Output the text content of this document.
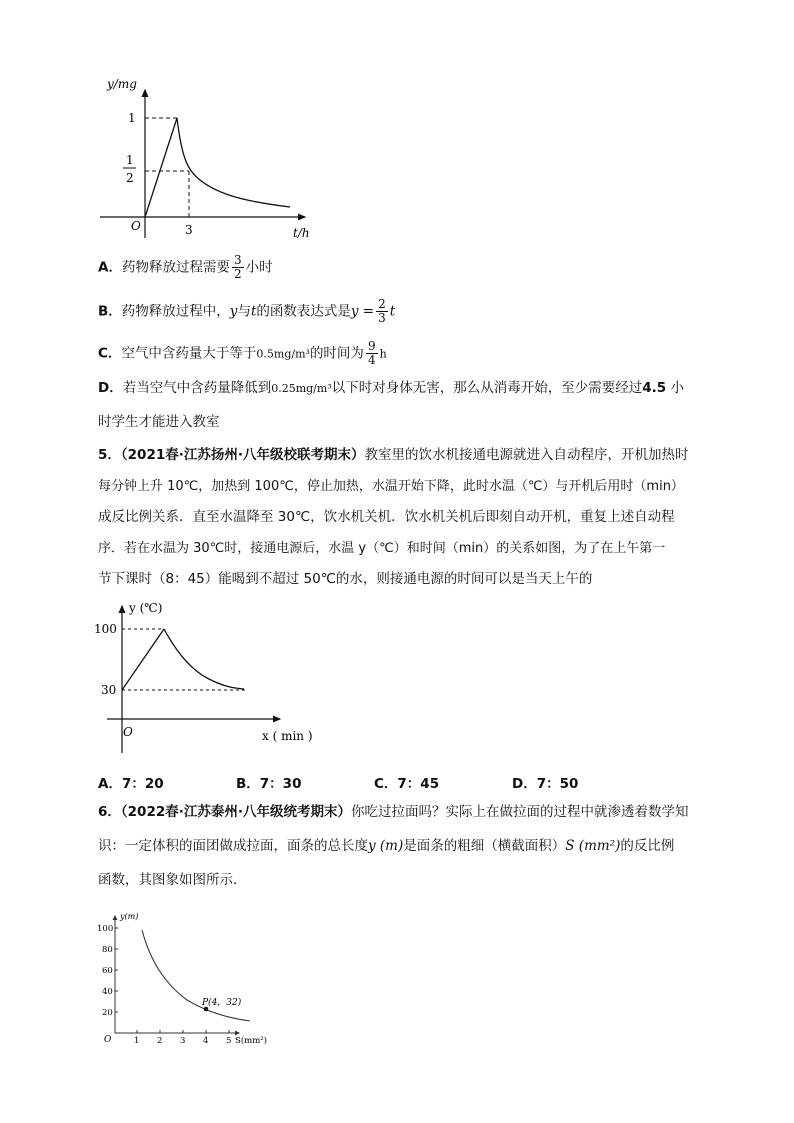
y/mg
1
1
2
O	3	t/h
A．药物释放过程需要 $\frac{3}{2}$ 小时
B．药物释放过程中，y与t的函数表达式是$y = \frac{2}{3}$ t
C．空气中含药量大于等于0.5mg/m³的时间为 $\frac{9}{4}$ h
D．若当空气中含药量降低到0.25mg/m³以下时对身体无害，那么从消毒开始，至少需要经过4.5 小
时学生才能进入教室
5．（2021春·江苏扬州·八年级校联考期末）教室里的饮水机接通电源就进入自动程序，开机加热时
每分钟上升 10℃，加热到 100℃，停止加热，水温开始下降，此时水温（℃）与开机后用时（min）
成反比例关系．直至水温降至 30℃，饮水机关机．饮水机关机后即刻自动开机，重复上述自动程
序．若在水温为 30℃时，接通电源后，水温 y（℃）和时间（min）的关系如图，为了在上午第一
节下课时（8：45）能喝到不超过 50℃的水，则接通电源的时间可以是当天上午的
100
30
O
y (℃)
x ( min )
A．7：20	B．7：30	C．7：45	D．7：50
6．（2022春·江苏泰州·八年级统考期末）你吃过拉面吗？实际上在做拉面的过程中就渗透着数学知
识：一定体积的面团做成拉面，面条的总长度y (m)是面条的粗细（横截面积）S (mm²)的反比例
函数，其图象如图所示．
P(4，32)
y(m)
100
80
60
40
20
O	1 2 3 4 5 S(mm²)
